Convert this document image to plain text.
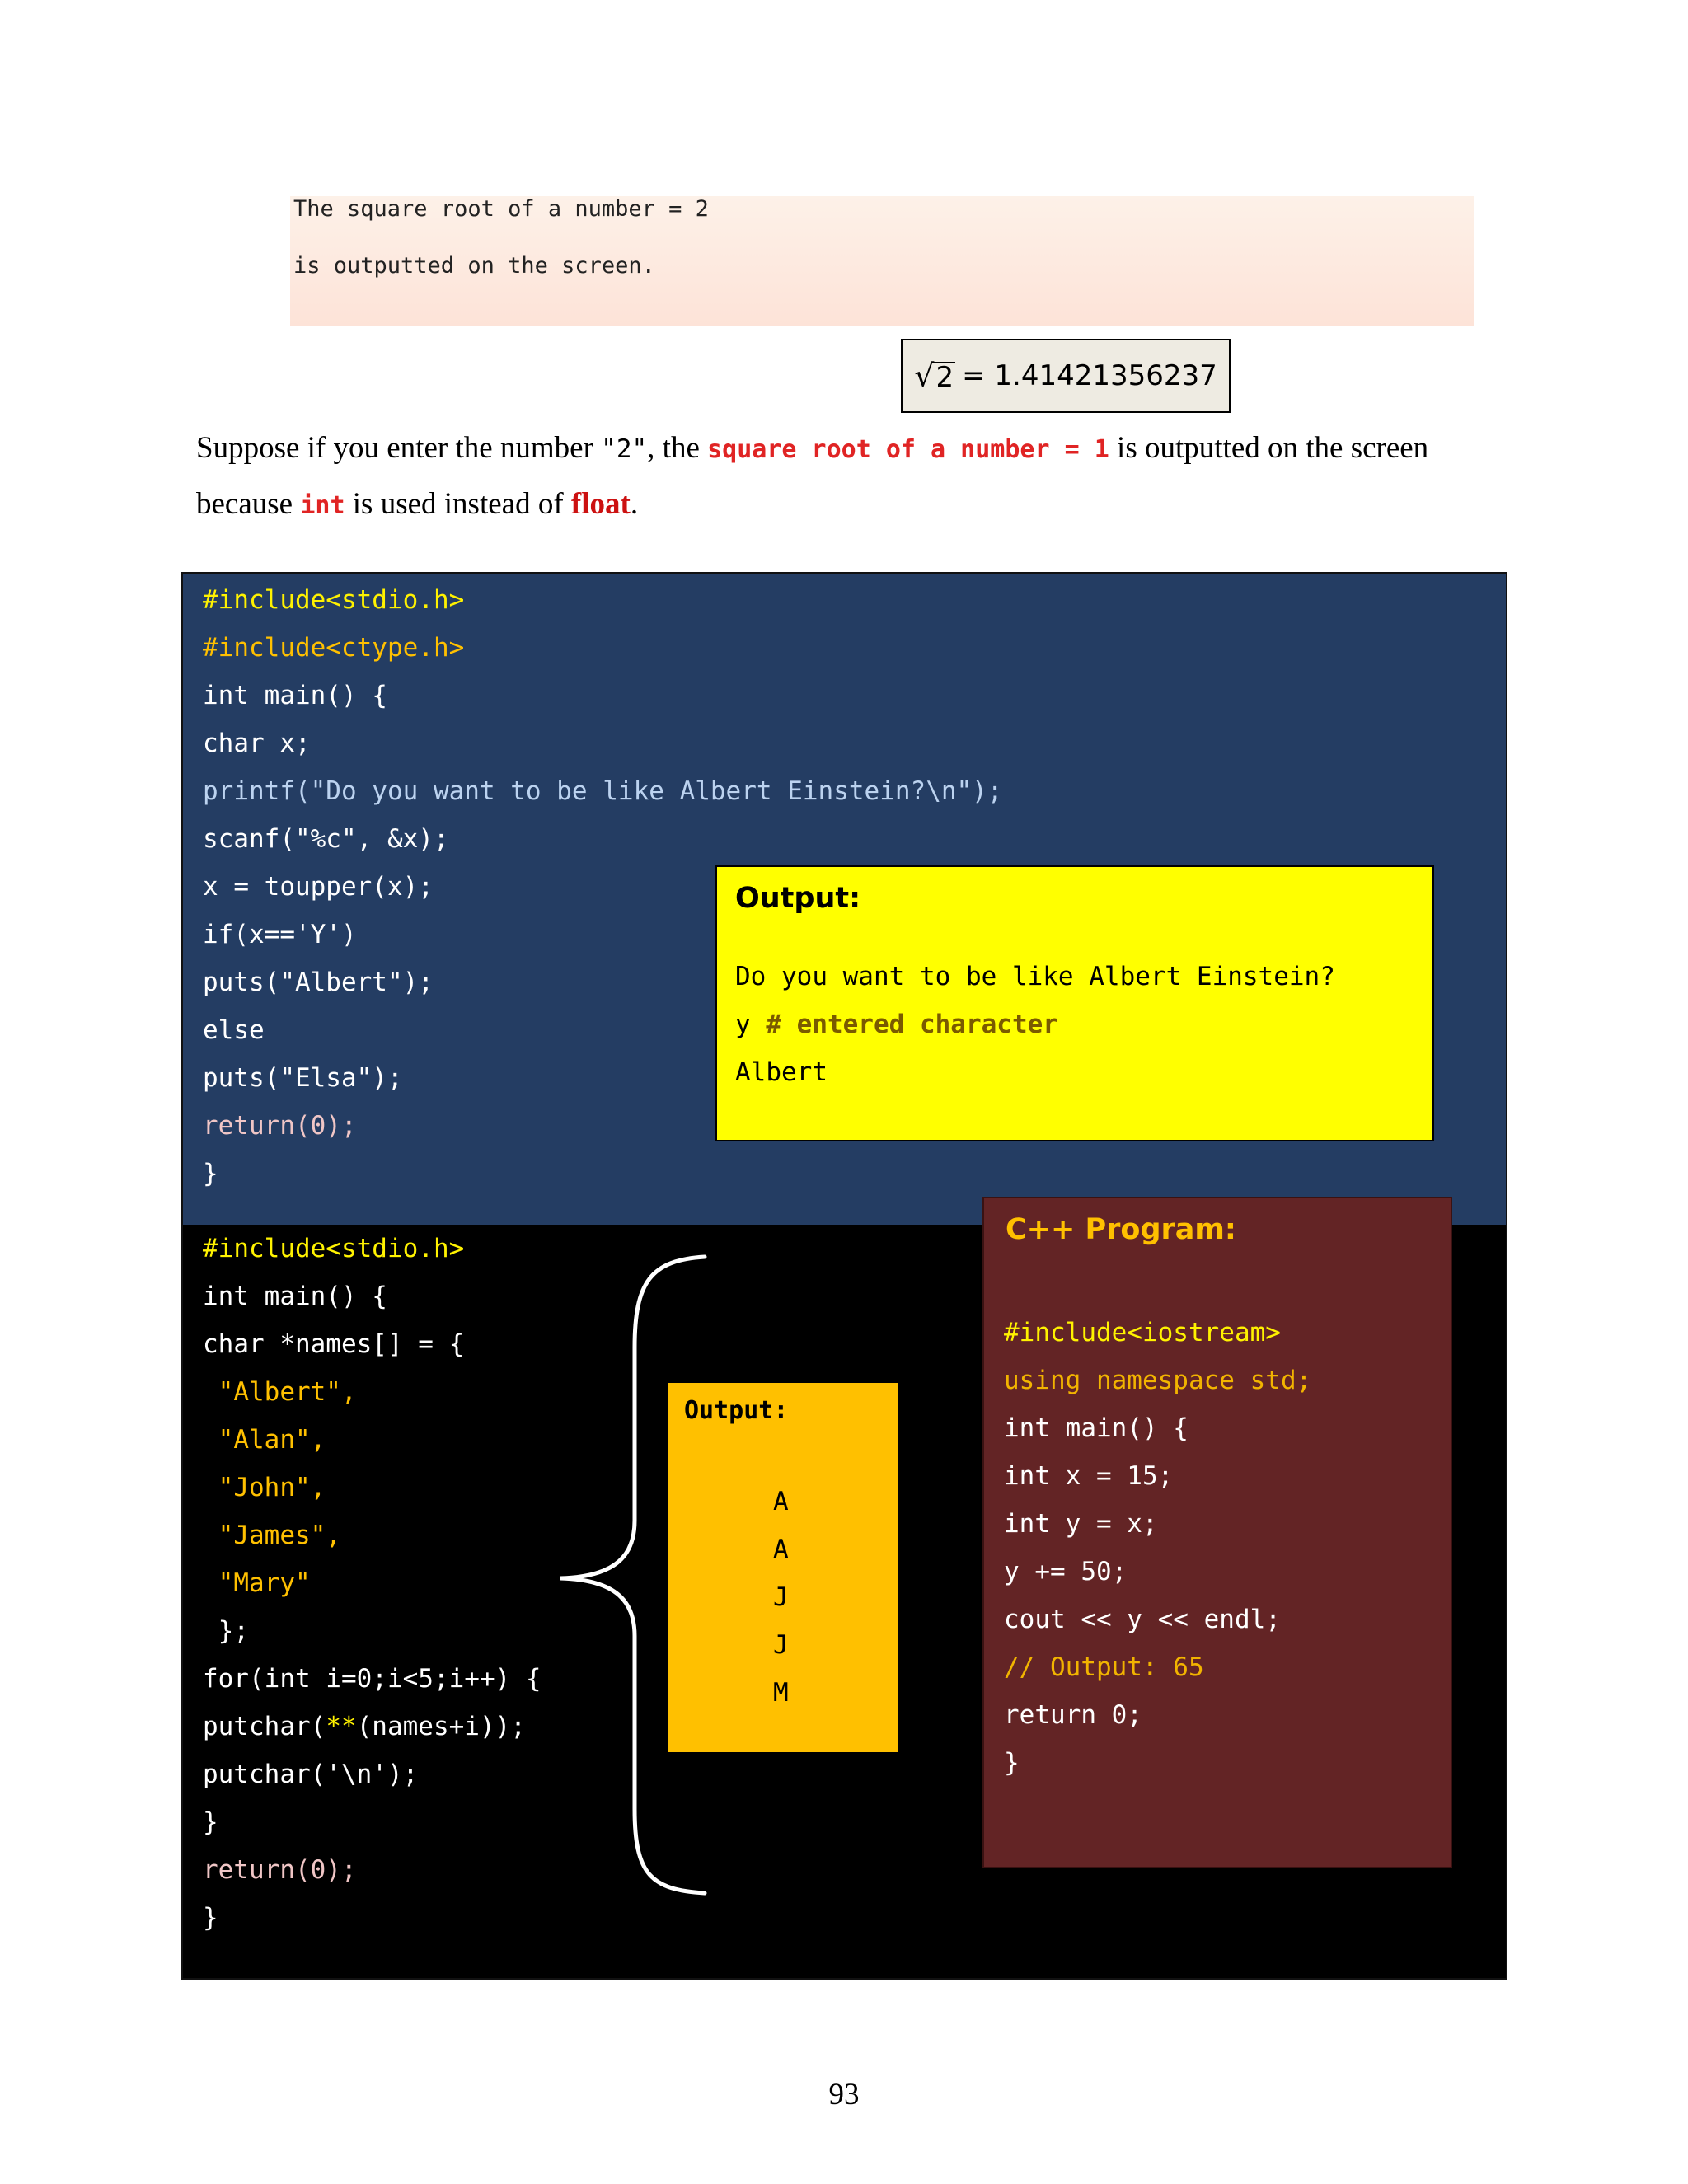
The square root of a number = 2
is outputted on the screen.
√ 2 = 1.41421356237
Suppose if you enter the number "2", the square root of a number = 1 is outputted on the screen
because int is used instead of float.
#include<stdio.h>
#include<ctype.h>
int main() {
char x;
printf("Do you want to be like Albert Einstein?\n");
scanf("%c", &x);
x = toupper(x);
if(x=='Y')
puts("Albert");
else
puts("Elsa");
return(0);
}
Output:
Do you want to be like Albert Einstein?
y # entered character
Albert
#include<stdio.h>
int main() {
char *names[] = {
"Albert",
"Alan",
"John",
"James",
"Mary"
};
for(int i=0;i<5;i++) {
putchar(**(names+i));
putchar('\n');
}
return(0);
}
Output:
A
A
J
J
M
C++ Program:
#include<iostream>
using namespace std;
int main() {
int x = 15;
int y = x;
y += 50;
cout << y << endl;
// Output: 65
return 0;
}
93
